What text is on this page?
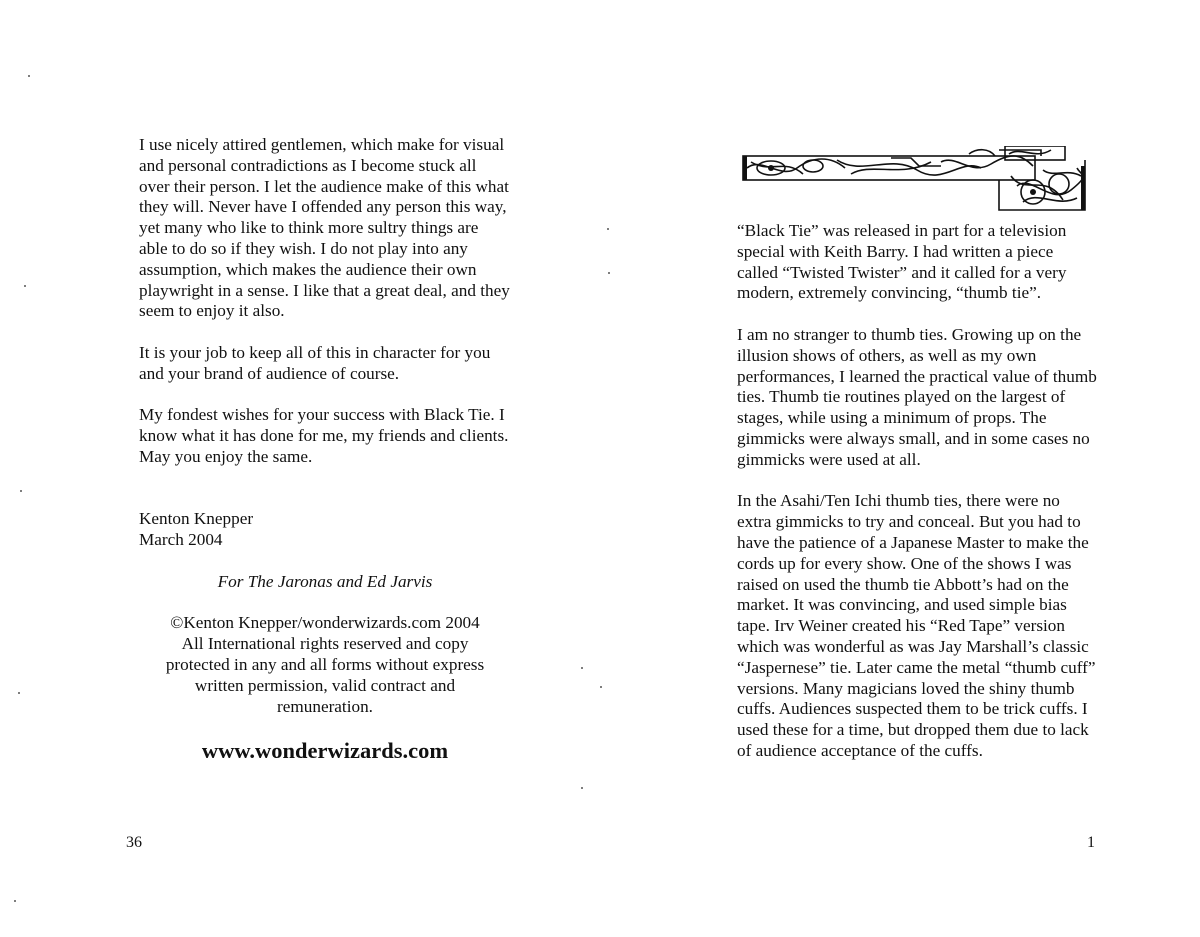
I use nicely attired gentlemen, which make for visual and personal contradictions as I become stuck all over their person. I let the audience make of this what they will. Never have I offended any person this way, yet many who like to think more sultry things are able to do so if they wish. I do not play into any assumption, which makes the audience their own playwright in a sense. I like that a great deal, and they seem to enjoy it also.

It is your job to keep all of this in character for you and your brand of audience of course.

My fondest wishes for your success with Black Tie. I know what it has done for me, my friends and clients. May you enjoy the same.

Kenton Knepper
March 2004
For The Jaronas and Ed Jarvis
©Kenton Knepper/wonderwizards.com 2004
All International rights reserved and copy
protected in any and all forms without express
written permission, valid contract and
remuneration.
www.wonderwizards.com
36

“Black Tie” was released in part for a television special with Keith Barry. I had written a piece called “Twisted Twister” and it called for a very modern, extremely convincing, “thumb tie”.

I am no stranger to thumb ties. Growing up on the illusion shows of others, as well as my own performances, I learned the practical value of thumb ties. Thumb tie routines played on the largest of stages, while using a minimum of props. The gimmicks were always small, and in some cases no gimmicks were used at all.

In the Asahi/Ten Ichi thumb ties, there were no extra gimmicks to try and conceal. But you had to have the patience of a Japanese Master to make the cords up for every show. One of the shows I was raised on used the thumb tie Abbott’s had on the market. It was convincing, and used simple bias tape. Irv Weiner created his “Red Tape” version which was wonderful as was Jay Marshall’s classic “Jaspernese” tie. Later came the metal “thumb cuff” versions. Many magicians loved the shiny thumb cuffs. Audiences suspected them to be trick cuffs. I used these for a time, but dropped them due to lack of audience acceptance of the cuffs.

1
